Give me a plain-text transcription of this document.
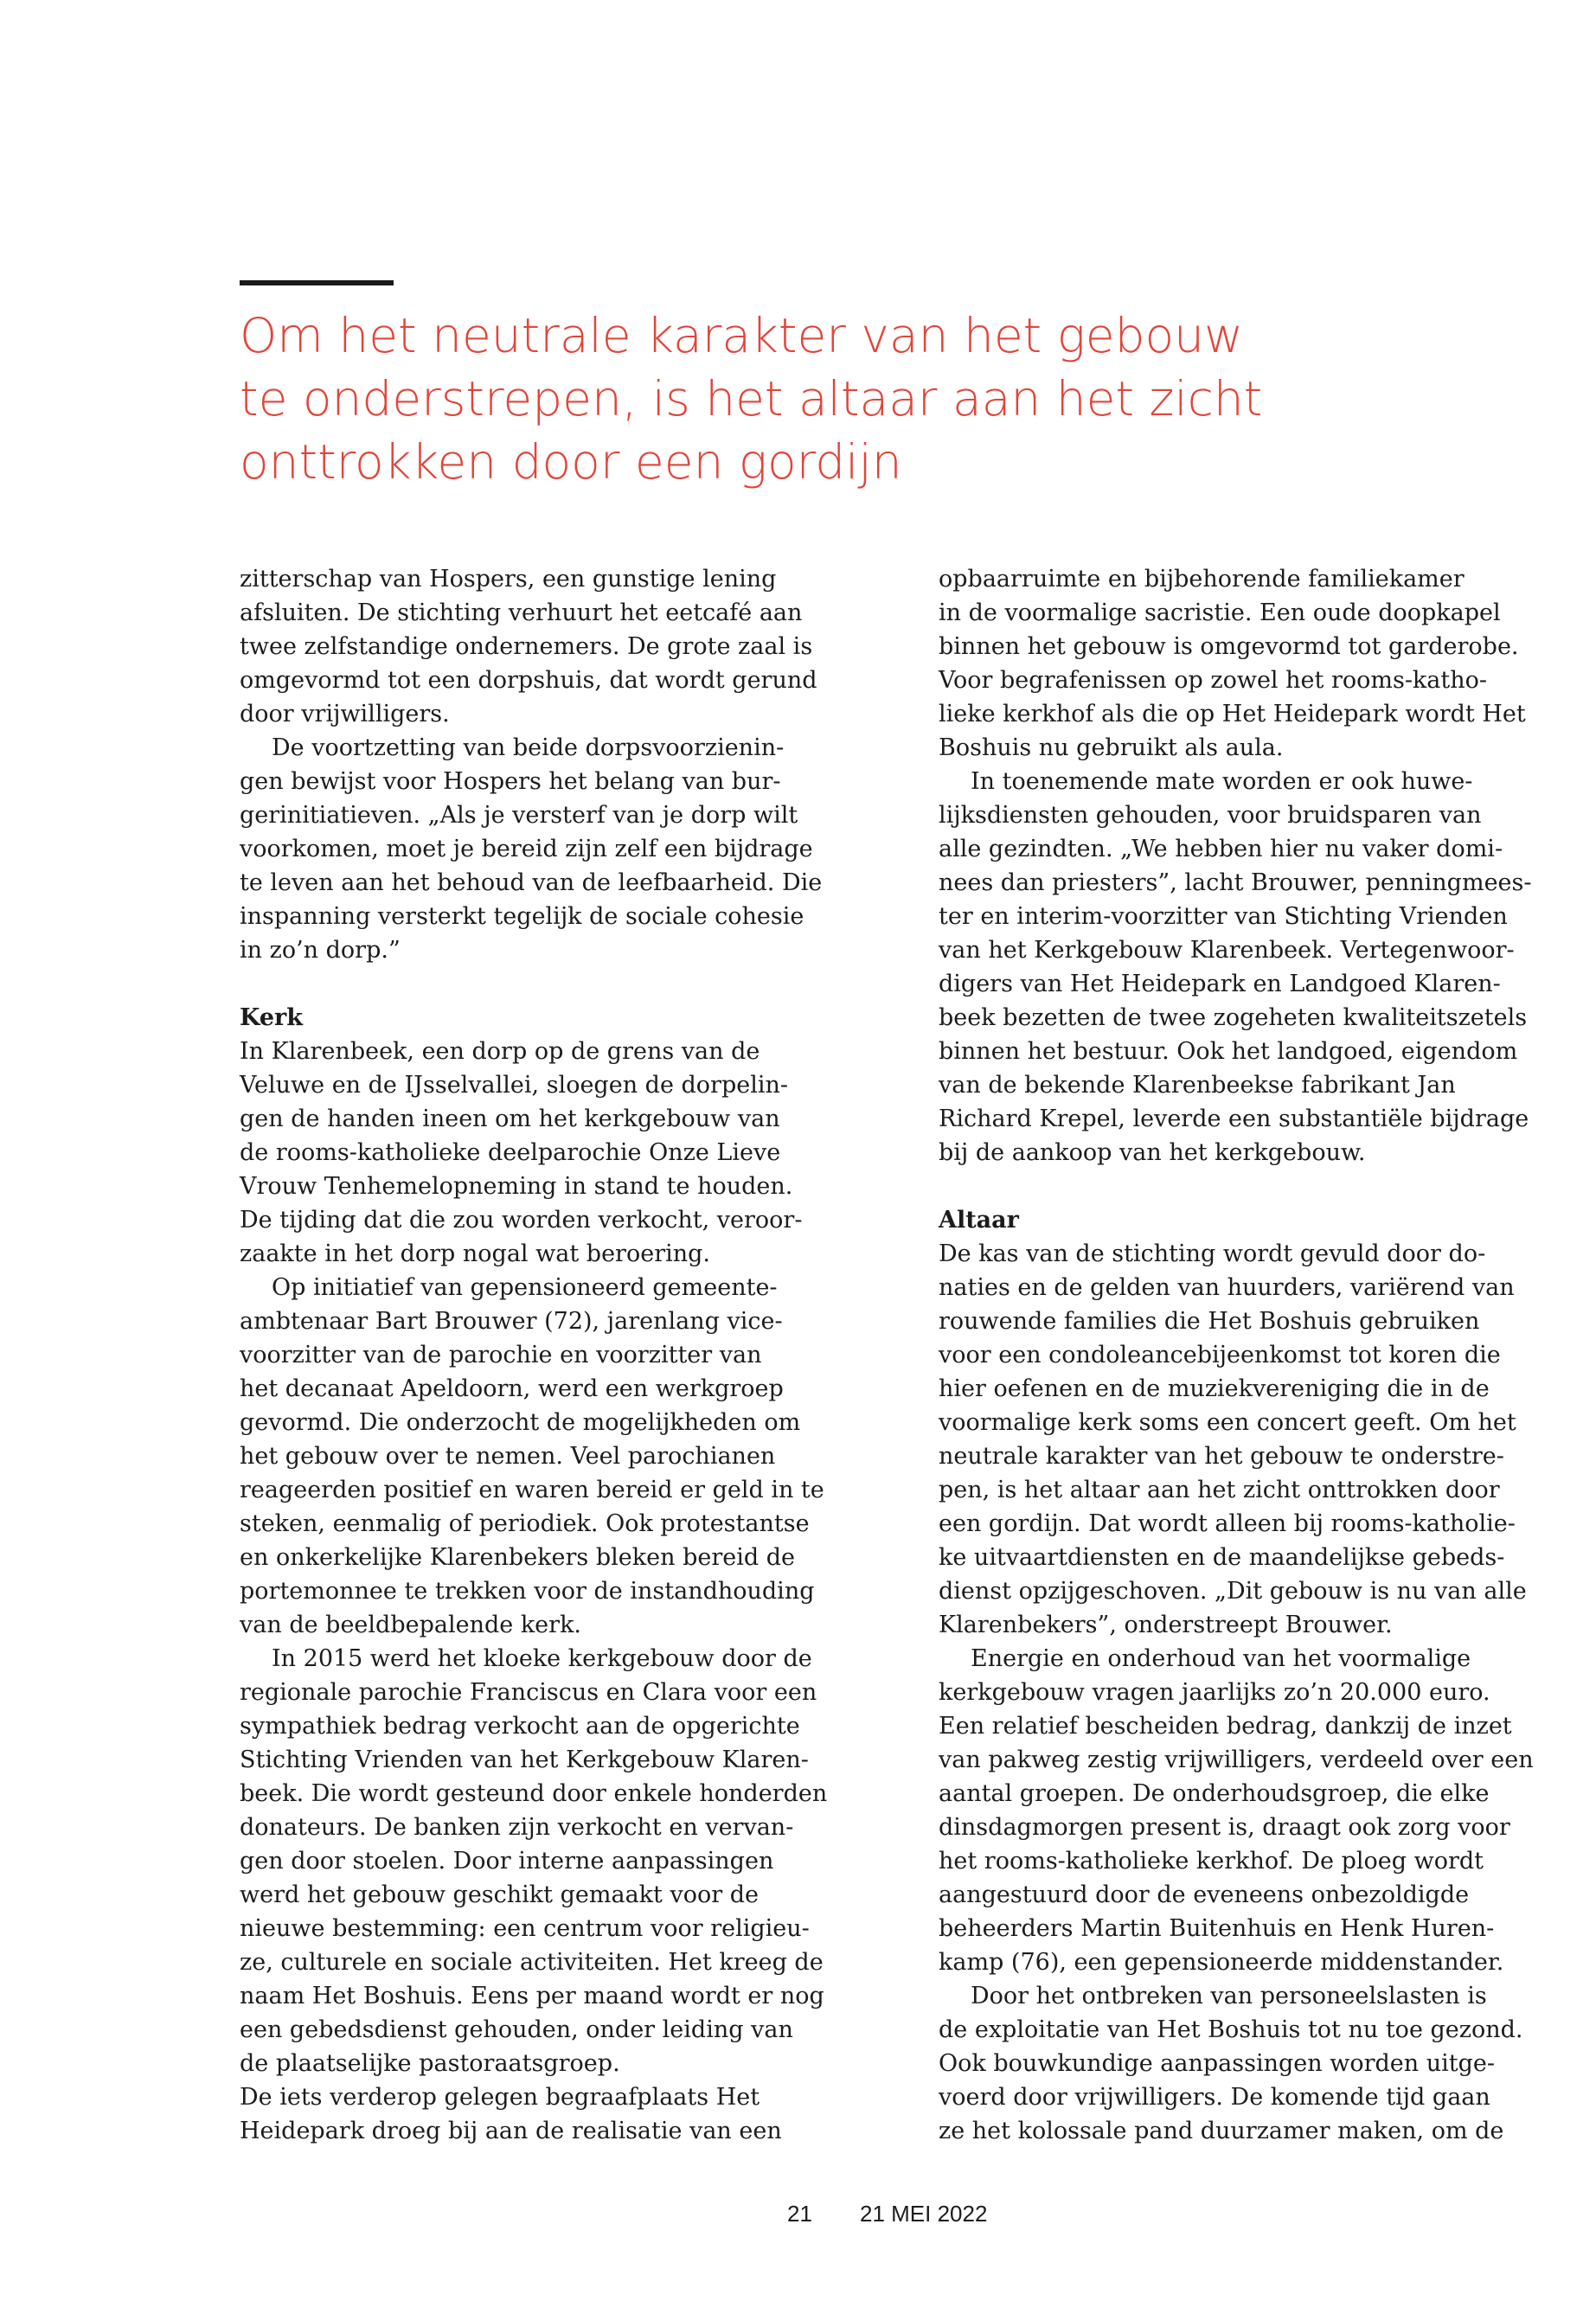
Om het neutrale karakter van het gebouw
te onderstrepen, is het altaar aan het zicht
onttrokken door een gordijn

zitterschap van Hospers, een gunstige lening
afsluiten. De stichting verhuurt het eetcafé aan
twee zelfstandige ondernemers. De grote zaal is
omgevormd tot een dorpshuis, dat wordt gerund
door vrijwilligers.

De voortzetting van beide dorpsvoorzienin-
gen bewijst voor Hospers het belang van bur-
gerinitiatieven. „Als je versterf van je dorp wilt
voorkomen, moet je bereid zijn zelf een bijdrage
te leven aan het behoud van de leefbaarheid. Die
inspanning versterkt tegelijk de sociale cohesie
in zo’n dorp.”

Kerk

In Klarenbeek, een dorp op de grens van de
Veluwe en de IJsselvallei, sloegen de dorpelin-
gen de handen ineen om het kerkgebouw van
de rooms-katholieke deelparochie Onze Lieve
Vrouw Tenhemelopneming in stand te houden.
De tijding dat die zou worden verkocht, veroor-
zaakte in het dorp nogal wat beroering.

Op initiatief van gepensioneerd gemeente-
ambtenaar Bart Brouwer (72), jarenlang vice-
voorzitter van de parochie en voorzitter van
het decanaat Apeldoorn, werd een werkgroep
gevormd. Die onderzocht de mogelijkheden om
het gebouw over te nemen. Veel parochianen
reageerden positief en waren bereid er geld in te
steken, eenmalig of periodiek. Ook protestantse
en onkerkelijke Klarenbekers bleken bereid de
portemonnee te trekken voor de instandhouding
van de beeldbepalende kerk.

In 2015 werd het kloeke kerkgebouw door de
regionale parochie Franciscus en Clara voor een
sympathiek bedrag verkocht aan de opgerichte
Stichting Vrienden van het Kerkgebouw Klaren-
beek. Die wordt gesteund door enkele honderden
donateurs. De banken zijn verkocht en vervan-
gen door stoelen. Door interne aanpassingen
werd het gebouw geschikt gemaakt voor de
nieuwe bestemming: een centrum voor religieu-
ze, culturele en sociale activiteiten. Het kreeg de
naam Het Boshuis. Eens per maand wordt er nog
een gebedsdienst gehouden, onder leiding van
de plaatselijke pastoraatsgroep.

De iets verderop gelegen begraafplaats Het
Heidepark droeg bij aan de realisatie van een

opbaarruimte en bijbehorende familiekamer
in de voormalige sacristie. Een oude doopkapel
binnen het gebouw is omgevormd tot garderobe.
Voor begrafenissen op zowel het rooms-katho-
lieke kerkhof als die op Het Heidepark wordt Het
Boshuis nu gebruikt als aula.

In toenemende mate worden er ook huwe-
lijksdiensten gehouden, voor bruidsparen van
alle gezindten. „We hebben hier nu vaker domi-
nees dan priesters”, lacht Brouwer, penningmees-
ter en interim-voorzitter van Stichting Vrienden
van het Kerkgebouw Klarenbeek. Vertegenwoor-
digers van Het Heidepark en Landgoed Klaren-
beek bezetten de twee zogeheten kwaliteitszetels
binnen het bestuur. Ook het landgoed, eigendom
van de bekende Klarenbeekse fabrikant Jan
Richard Krepel, leverde een substantiële bijdrage
bij de aankoop van het kerkgebouw.

Altaar

De kas van de stichting wordt gevuld door do-
naties en de gelden van huurders, variërend van
rouwende families die Het Boshuis gebruiken
voor een condoleancebijeenkomst tot koren die
hier oefenen en de muziekvereniging die in de
voormalige kerk soms een concert geeft. Om het
neutrale karakter van het gebouw te onderstre-
pen, is het altaar aan het zicht onttrokken door
een gordijn. Dat wordt alleen bij rooms-katholie-
ke uitvaartdiensten en de maandelijkse gebeds-
dienst opzijgeschoven. „Dit gebouw is nu van alle
Klarenbekers”, onderstreept Brouwer.

Energie en onderhoud van het voormalige
kerkgebouw vragen jaarlijks zo’n 20.000 euro.
Een relatief bescheiden bedrag, dankzij de inzet
van pakweg zestig vrijwilligers, verdeeld over een
aantal groepen. De onderhoudsgroep, die elke
dinsdagmorgen present is, draagt ook zorg voor
het rooms-katholieke kerkhof. De ploeg wordt
aangestuurd door de eveneens onbezoldigde
beheerders Martin Buitenhuis en Henk Huren-
kamp (76), een gepensioneerde middenstander.

Door het ontbreken van personeelslasten is
de exploitatie van Het Boshuis tot nu toe gezond.
Ook bouwkundige aanpassingen worden uitge-
voerd door vrijwilligers. De komende tijd gaan
ze het kolossale pand duurzamer maken, om de

21 21 MEI 2022
